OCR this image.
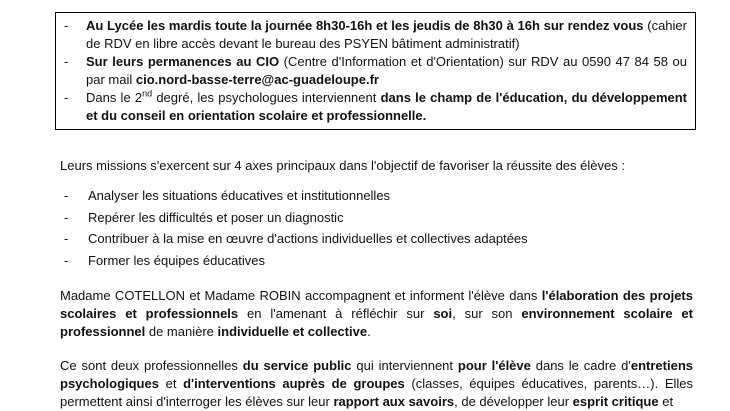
- Au Lycée les mardis toute la journée 8h30-16h et les jeudis de 8h30 à 16h sur rendez vous (cahier de RDV en libre accès devant le bureau des PSYEN bâtiment administratif)
- Sur leurs permanences au CIO (Centre d'Information et d'Orientation) sur RDV au 0590 47 84 58 ou par mail cio.nord-basse-terre@ac-guadeloupe.fr
- Dans le 2nd degré, les psychologues interviennent dans le champ de l'éducation, du développement et du conseil en orientation scolaire et professionnelle.
Leurs missions s'exercent sur 4 axes principaux dans l'objectif de favoriser la réussite des élèves :
- Analyser les situations éducatives et institutionnelles
- Repérer les difficultés et poser un diagnostic
- Contribuer à la mise en œuvre d'actions individuelles et collectives adaptées
- Former les équipes éducatives
Madame COTELLON et Madame ROBIN accompagnent et informent l'élève dans l'élaboration des projets scolaires et professionnels en l'amenant à réfléchir sur soi, sur son environnement scolaire et professionnel de manière individuelle et collective.
Ce sont deux professionnelles du service public qui interviennent pour l'élève dans le cadre d'entretiens psychologiques et d'interventions auprès de groupes (classes, équipes éducatives, parents…). Elles permettent ainsi d'interroger les élèves sur leur rapport aux savoirs, de développer leur esprit critique et
